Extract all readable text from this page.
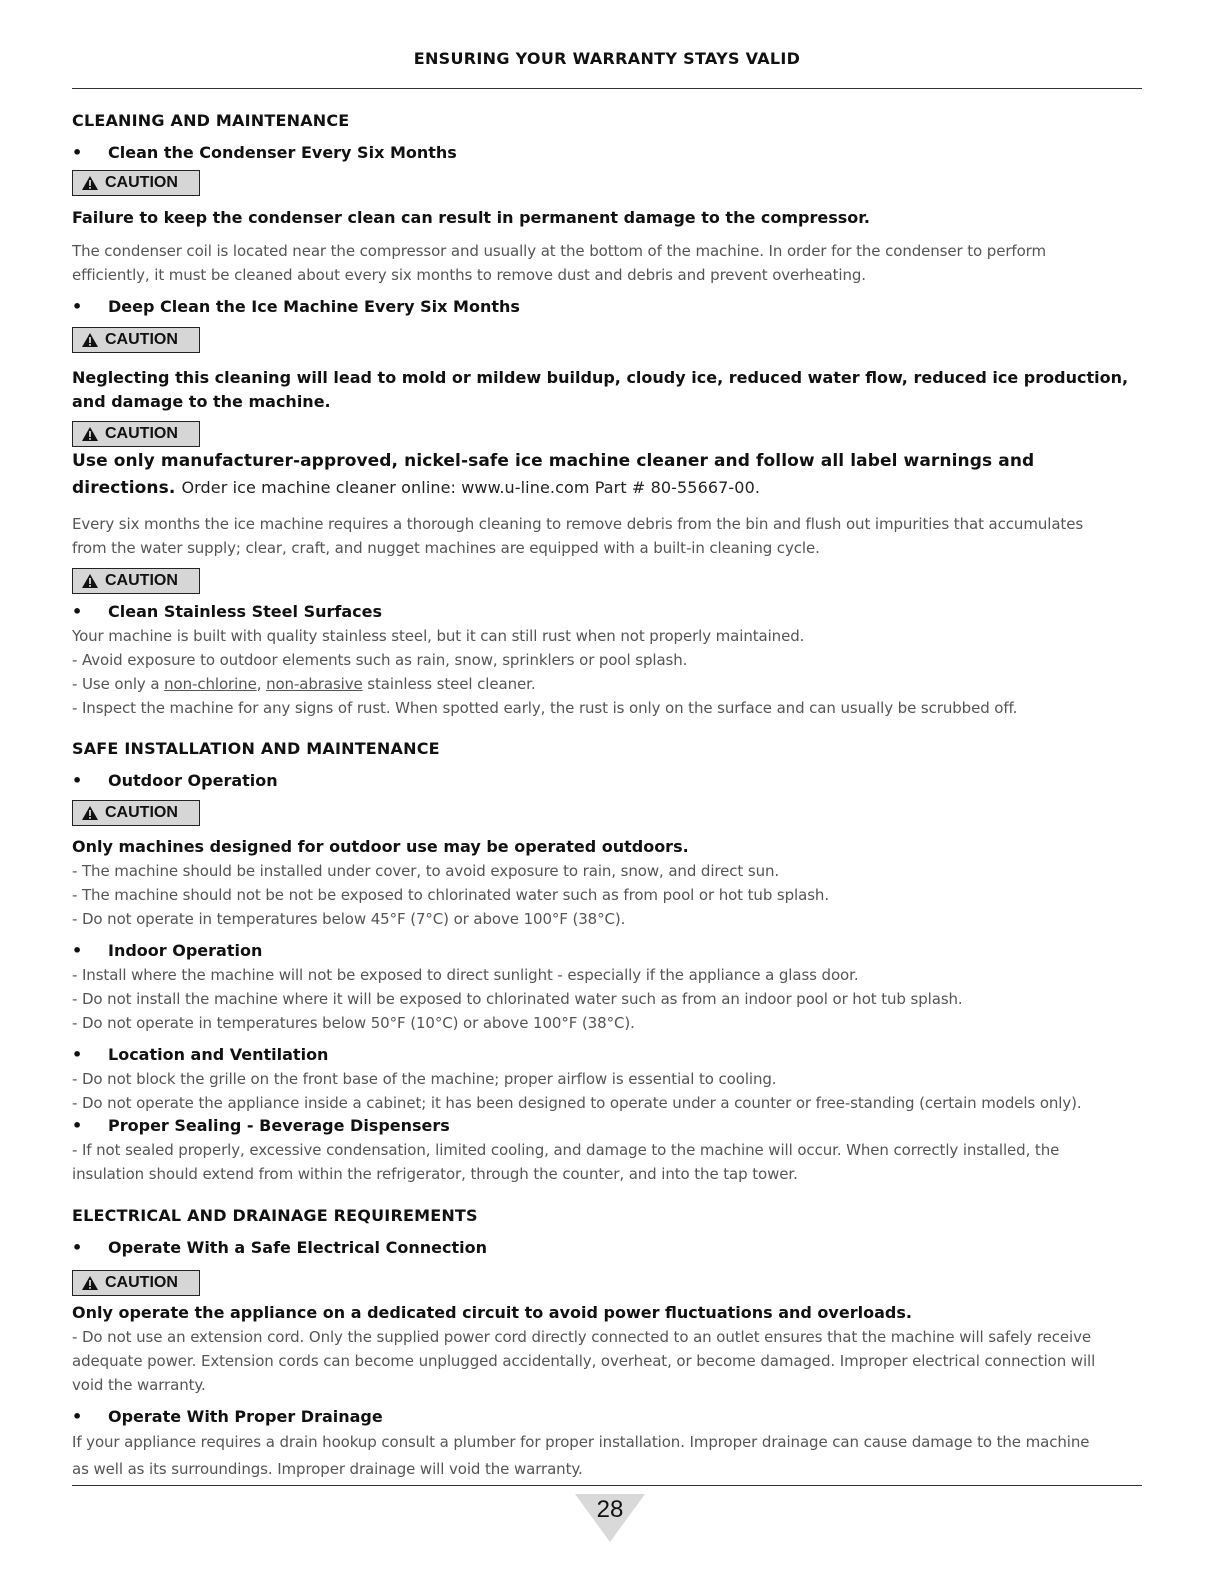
ENSURING YOUR WARRANTY STAYS VALID
CLEANING AND MAINTENANCE
• Clean the Condenser Every Six Months
CAUTION
Failure to keep the condenser clean can result in permanent damage to the compressor.
The condenser coil is located near the compressor and usually at the bottom of the machine. In order for the condenser to perform
efficiently, it must be cleaned about every six months to remove dust and debris and prevent overheating.
• Deep Clean the Ice Machine Every Six Months
CAUTION
Neglecting this cleaning will lead to mold or mildew buildup, cloudy ice, reduced water flow, reduced ice production,
and damage to the machine.
CAUTION
Use only manufacturer-approved, nickel-safe ice machine cleaner and follow all label warnings and
directions. Order ice machine cleaner online: www.u-line.com Part # 80-55667-00.
Every six months the ice machine requires a thorough cleaning to remove debris from the bin and flush out impurities that accumulates
from the water supply; clear, craft, and nugget machines are equipped with a built-in cleaning cycle.
CAUTION
• Clean Stainless Steel Surfaces
Your machine is built with quality stainless steel, but it can still rust when not properly maintained.
- Avoid exposure to outdoor elements such as rain, snow, sprinklers or pool splash.
- Use only a non-chlorine, non-abrasive stainless steel cleaner.
- Inspect the machine for any signs of rust. When spotted early, the rust is only on the surface and can usually be scrubbed off.
SAFE INSTALLATION AND MAINTENANCE
• Outdoor Operation
CAUTION
Only machines designed for outdoor use may be operated outdoors.
- The machine should be installed under cover, to avoid exposure to rain, snow, and direct sun.
- The machine should not be not be exposed to chlorinated water such as from pool or hot tub splash.
- Do not operate in temperatures below 45°F (7°C) or above 100°F (38°C).
• Indoor Operation
- Install where the machine will not be exposed to direct sunlight - especially if the appliance a glass door.
- Do not install the machine where it will be exposed to chlorinated water such as from an indoor pool or hot tub splash.
- Do not operate in temperatures below 50°F (10°C) or above 100°F (38°C).
• Location and Ventilation
- Do not block the grille on the front base of the machine; proper airflow is essential to cooling.
- Do not operate the appliance inside a cabinet; it has been designed to operate under a counter or free-standing (certain models only).
• Proper Sealing - Beverage Dispensers
- If not sealed properly, excessive condensation, limited cooling, and damage to the machine will occur. When correctly installed, the
insulation should extend from within the refrigerator, through the counter, and into the tap tower.
ELECTRICAL AND DRAINAGE REQUIREMENTS
• Operate With a Safe Electrical Connection
CAUTION
Only operate the appliance on a dedicated circuit to avoid power fluctuations and overloads.
- Do not use an extension cord. Only the supplied power cord directly connected to an outlet ensures that the machine will safely receive
adequate power. Extension cords can become unplugged accidentally, overheat, or become damaged. Improper electrical connection will
void the warranty.
• Operate With Proper Drainage
If your appliance requires a drain hookup consult a plumber for proper installation. Improper drainage can cause damage to the machine
as well as its surroundings. Improper drainage will void the warranty.
28
